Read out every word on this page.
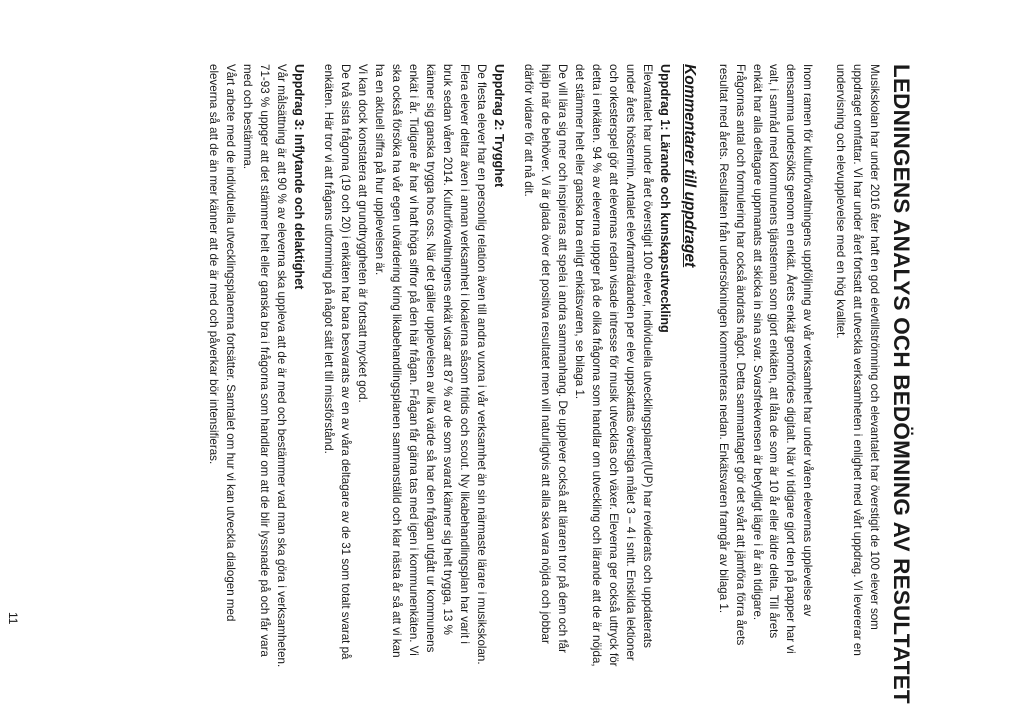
LEDNINGENS ANALYS OCH BEDÖMNING AV RESULTATET

Musikskolan har under 2016 åter haft en god elevtillströmning och elevantalet har överstigit de 100 elever som uppdraget omfattar. Vi har under året fortsatt att utveckla verksamheten i enlighet med vårt uppdrag. Vi levererar en undervisning och elevupplevelse med en hög kvalitet.

Inom ramen för kulturförvaltningens uppföljning av vår verksamhet har under våren elevernas upplevelse av densamma undersökts genom en enkät. Årets enkät genomfördes digitalt. När vi tidigare gjort den på papper har vi valt, i samråd med kommunens tjänsteman som gjort enkäten, att låta de som är 10 år eller äldre delta. Till årets enkät har alla deltagare uppmanats att skicka in sina svar. Svarsfrekvensen är betydligt lägre i år än tidigare. Frågornas antal och formulering har också ändrats något. Detta sammantaget gör det svårt att jämföra förra årets resultat med årets. Resultaten från undersökningen kommenteras nedan. Enkätsvaren framgår av bilaga 1.

Kommentarer till uppdraget
Uppdrag 1: Lärande och kunskapsutveckling

Elevantalet har under året överstigit 100 elever, individuella utvecklingsplaner(IUP) har reviderats och uppdaterats under årets höstermin. Antalet elevframträdanden per elev uppskattas överstiga målet 3 – 4 i snitt. Enskilda lektioner och orkesterspel gör att elevernas redan visade intresse för musik utvecklas och växer. Eleverna ger också uttryck för detta i enkäten. 94 % av eleverna uppger på de olika frågorna som handlar om utveckling och lärande att de är nöjda, det stämmer helt eller ganska bra enligt enkätsvaren, se bilaga 1.

De vill lära sig mer och inspireras att spela i andra sammanhang. De upplever också att läraren tror på dem och får hjälp när de behöver. Vi är glada över det positiva resultatet men vill naturligtvis att alla ska vara nöjda och jobbar därför vidare för att nå dit.

Uppdrag 2: Trygghet

De flesta elever har en personlig relation även till andra vuxna i vår verksamhet än sin närmaste lärare i musikskolan. Flera elever deltar även i annan verksamhet i lokalerna såsom fritids och scout. Ny likabehandlingsplan har varit i bruk sedan våren 2014. Kulturförvaltningens enkät visar att 87 % av de som svarat känner sig helt trygga, 13 % känner sig ganska trygga hos oss. När det gäller upplevelsen av lika värde så har den frågan utgått ur kommunens enkät i år. Tidigare år har vi haft höga siffror på den här frågan. Frågan får gärna tas med igen i kommunenkäten. Vi ska också försöka ha vår egen utvärdering kring likabehandlingsplanen sammanställd och klar nästa år så att vi kan ha en aktuell siffra på hur upplevelsen är.

Vi kan dock konstatera att grundtryggheten är fortsatt mycket god.

De två sista frågorna (19 och 20) i enkäten har bara besvarats av en av våra deltagare av de 31 som totalt svarat på enkäten. Här tror vi att frågans utformning på något sätt lett till missförstånd.

Uppdrag 3: Inflytande och delaktighet

Vår målsättning är att 90 % av eleverna ska uppleva att de är med och bestämmer vad man ska göra i verksamheten. 71-93 % uppger att det stämmer helt eller ganska bra i frågorna som handlar om att de blir lyssnade på och får vara med och bestämma.

Vårt arbete med de individuella utvecklingsplanerna fortsätter. Samtalet om hur vi kan utveckla dialogen med eleverna så att de än mer känner att de är med och påverkar bör intensifieras.

11
